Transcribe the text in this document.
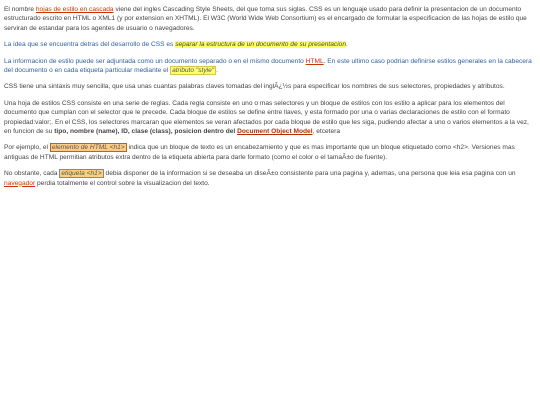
El nombre hojas de estilo en cascada viene del ingles Cascading Style Sheets, del que toma sus siglas. CSS es un lenguaje usado para definir la presentacion de un documento estructurado escrito en HTML o XML1 (y por extension en XHTML). El W3C (World Wide Web Consortium) es el encargado de formular la especificacion de las hojas de estilo que serviran de estandar para los agentes de usuario o navegadores.

La idea que se encuentra detras del desarrollo de CSS es separar la estructura de un documento de su presentacion.

La informacion de estilo puede ser adjuntada como un documento separado o en el mismo documento HTML. En este ultimo caso podrian definirse estilos generales en la cabecera del documento o en cada etiqueta particular mediante el atributo "style" .

CSS tiene una sintaxis muy sencilla, que usa unas cuantas palabras claves tomadas del inglÃ¿½s para especificar los nombres de sus selectores, propiedades y atributos.

Una hoja de estilos CSS consiste en una serie de reglas. Cada regla consiste en uno o mas selectores y un bloque de estilos con los estilo a aplicar para los elementos del documento que cumplan con el selector que le precede. Cada bloque de estilos se define entre llaves, y esta formado por una o varias declaraciones de estilo con el formato propiedad:valor;. En el CSS, los selectores marcaran que elementos se veran afectados por cada bloque de estilo que les siga, pudiendo afectar a uno o varios elementos a la vez, en funcion de su tipo, nombre (name), ID, clase (class), posicion dentro del Document Object Model, etcetera

Por ejemplo, el elemento de HTML <h1> indica que un bloque de texto es un encabezamiento y que es mas importante que un bloque etiquetado como <h2>. Versiones mas antiguas de HTML permitian atributos extra dentro de la etiqueta abierta para darle formato (como el color o el tamaÃ±o de fuente).

No obstante, cada etiqueta <h1> debia disponer de la informacion si se deseaba un diseÃ±o consistente para una pagina y, ademas, una persona que leia esa pagina con un navegador perdia totalmente el control sobre la visualizacion del texto.
